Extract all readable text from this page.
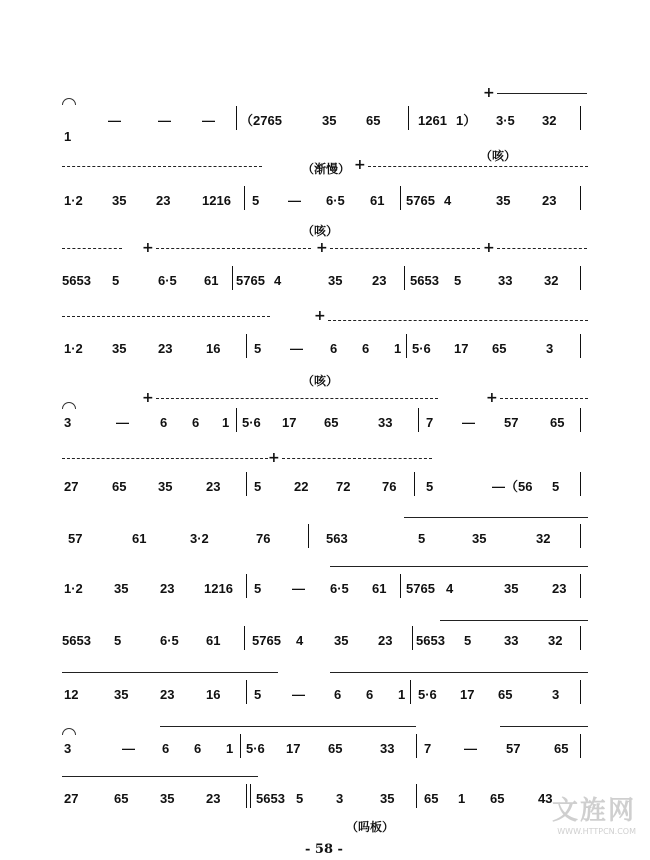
1
—	— — （2765	35 65	1261 1） 3·5 32
+
（咳）
（渐慢） +
1·2 35 23 1216 5 — 6·5 61 5765 4	35 23
（咳）
+	+	+
5653 5	6·5 61 5765 4	35 23 5653 5	33 32
+
1·2 35 23	16	5 — 6 6 1 5·6 17 65	3
（咳）
+	+
3	— 6 6 1 5·6 17 65	33	7 — 57 65
+
27	65 35	23	5	22 72 76 5	—（56 5
57	61	3·2	76	563	5	35	32
1·2 35 23 1216 5 — 6·5 61 5765 4	35	23
5653 5	6·5 61 5765 4 35 23 5653 5	33 32
12	35 23 16	5 — 6 6 1 5·6 17 65	3
3	— 6 6 1 5·6 17 65	33 7	— 57	65
27	65 35 23	5653 5	3	35 65 1 65	43
（吗板）
- 58 -
文旌网
WWW.HTTPCN.COM
